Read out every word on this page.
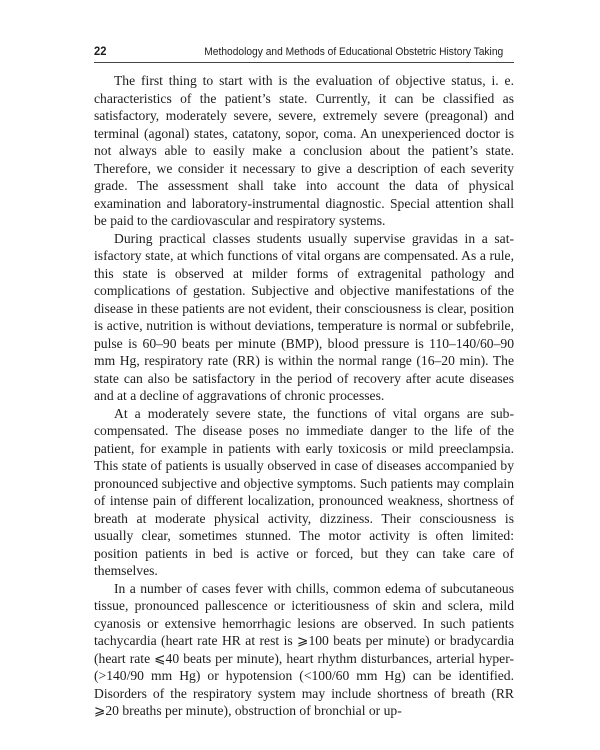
22	Methodology and Methods of Educational Obstetric History Taking

The first thing to start with is the evaluation of objective status, i. e. characteristics of the patient’s state. Currently, it can be classified as satisfactory, moderately severe, severe, extremely severe (preagonal) and terminal (agonal) states, catatony, sopor, coma. An unexperienced doctor is not always able to easily make a conclusion about the patient’s state. Therefore, we consider it necessary to give a description of each severity grade. The assessment shall take into account the data of physical examination and laboratory-instrumental diagnostic. Special attention shall be paid to the cardiovascular and respiratory systems.

During practical classes students usually supervise gravidas in a satisfactory state, at which functions of vital organs are compensated. As a rule, this state is observed at milder forms of extragenital pathology and complications of gestation. Subjective and objective manifestations of the disease in these patients are not evident, their consciousness is clear, position is active, nutrition is without deviations, temperature is normal or subfebrile, pulse is 60–90 beats per minute (BMP), blood pressure is 110–140/60–90 mm Hg, respiratory rate (RR) is within the normal range (16–20 min). The state can also be satisfactory in the period of recovery after acute diseases and at a decline of aggravations of chronic processes.

At a moderately severe state, the functions of vital organs are subcompensated. The disease poses no immediate danger to the life of the patient, for example in patients with early toxicosis or mild preeclampsia. This state of patients is usually observed in case of diseases accompanied by pronounced subjective and objective symptoms. Such patients may complain of intense pain of different localization, pronounced weakness, shortness of breath at moderate physical activity, dizziness. Their consciousness is usually clear, sometimes stunned. The motor activity is often limited: position patients in bed is active or forced, but they can take care of themselves.

In a number of cases fever with chills, common edema of subcutaneous tissue, pronounced pallescence or icteritiousness of skin and sclera, mild cyanosis or extensive hemorrhagic lesions are observed. In such patients tachycardia (heart rate HR at rest is ⩾100 beats per minute) or bradycardia (heart rate ⩽40 beats per minute), heart rhythm disturbances, arterial hyper- (>140/90 mm Hg) or hypotension (<100/60 mm Hg) can be identified. Disorders of the respiratory system may include shortness of breath (RR ⩾20 breaths per minute), obstruction of bronchial or up-
